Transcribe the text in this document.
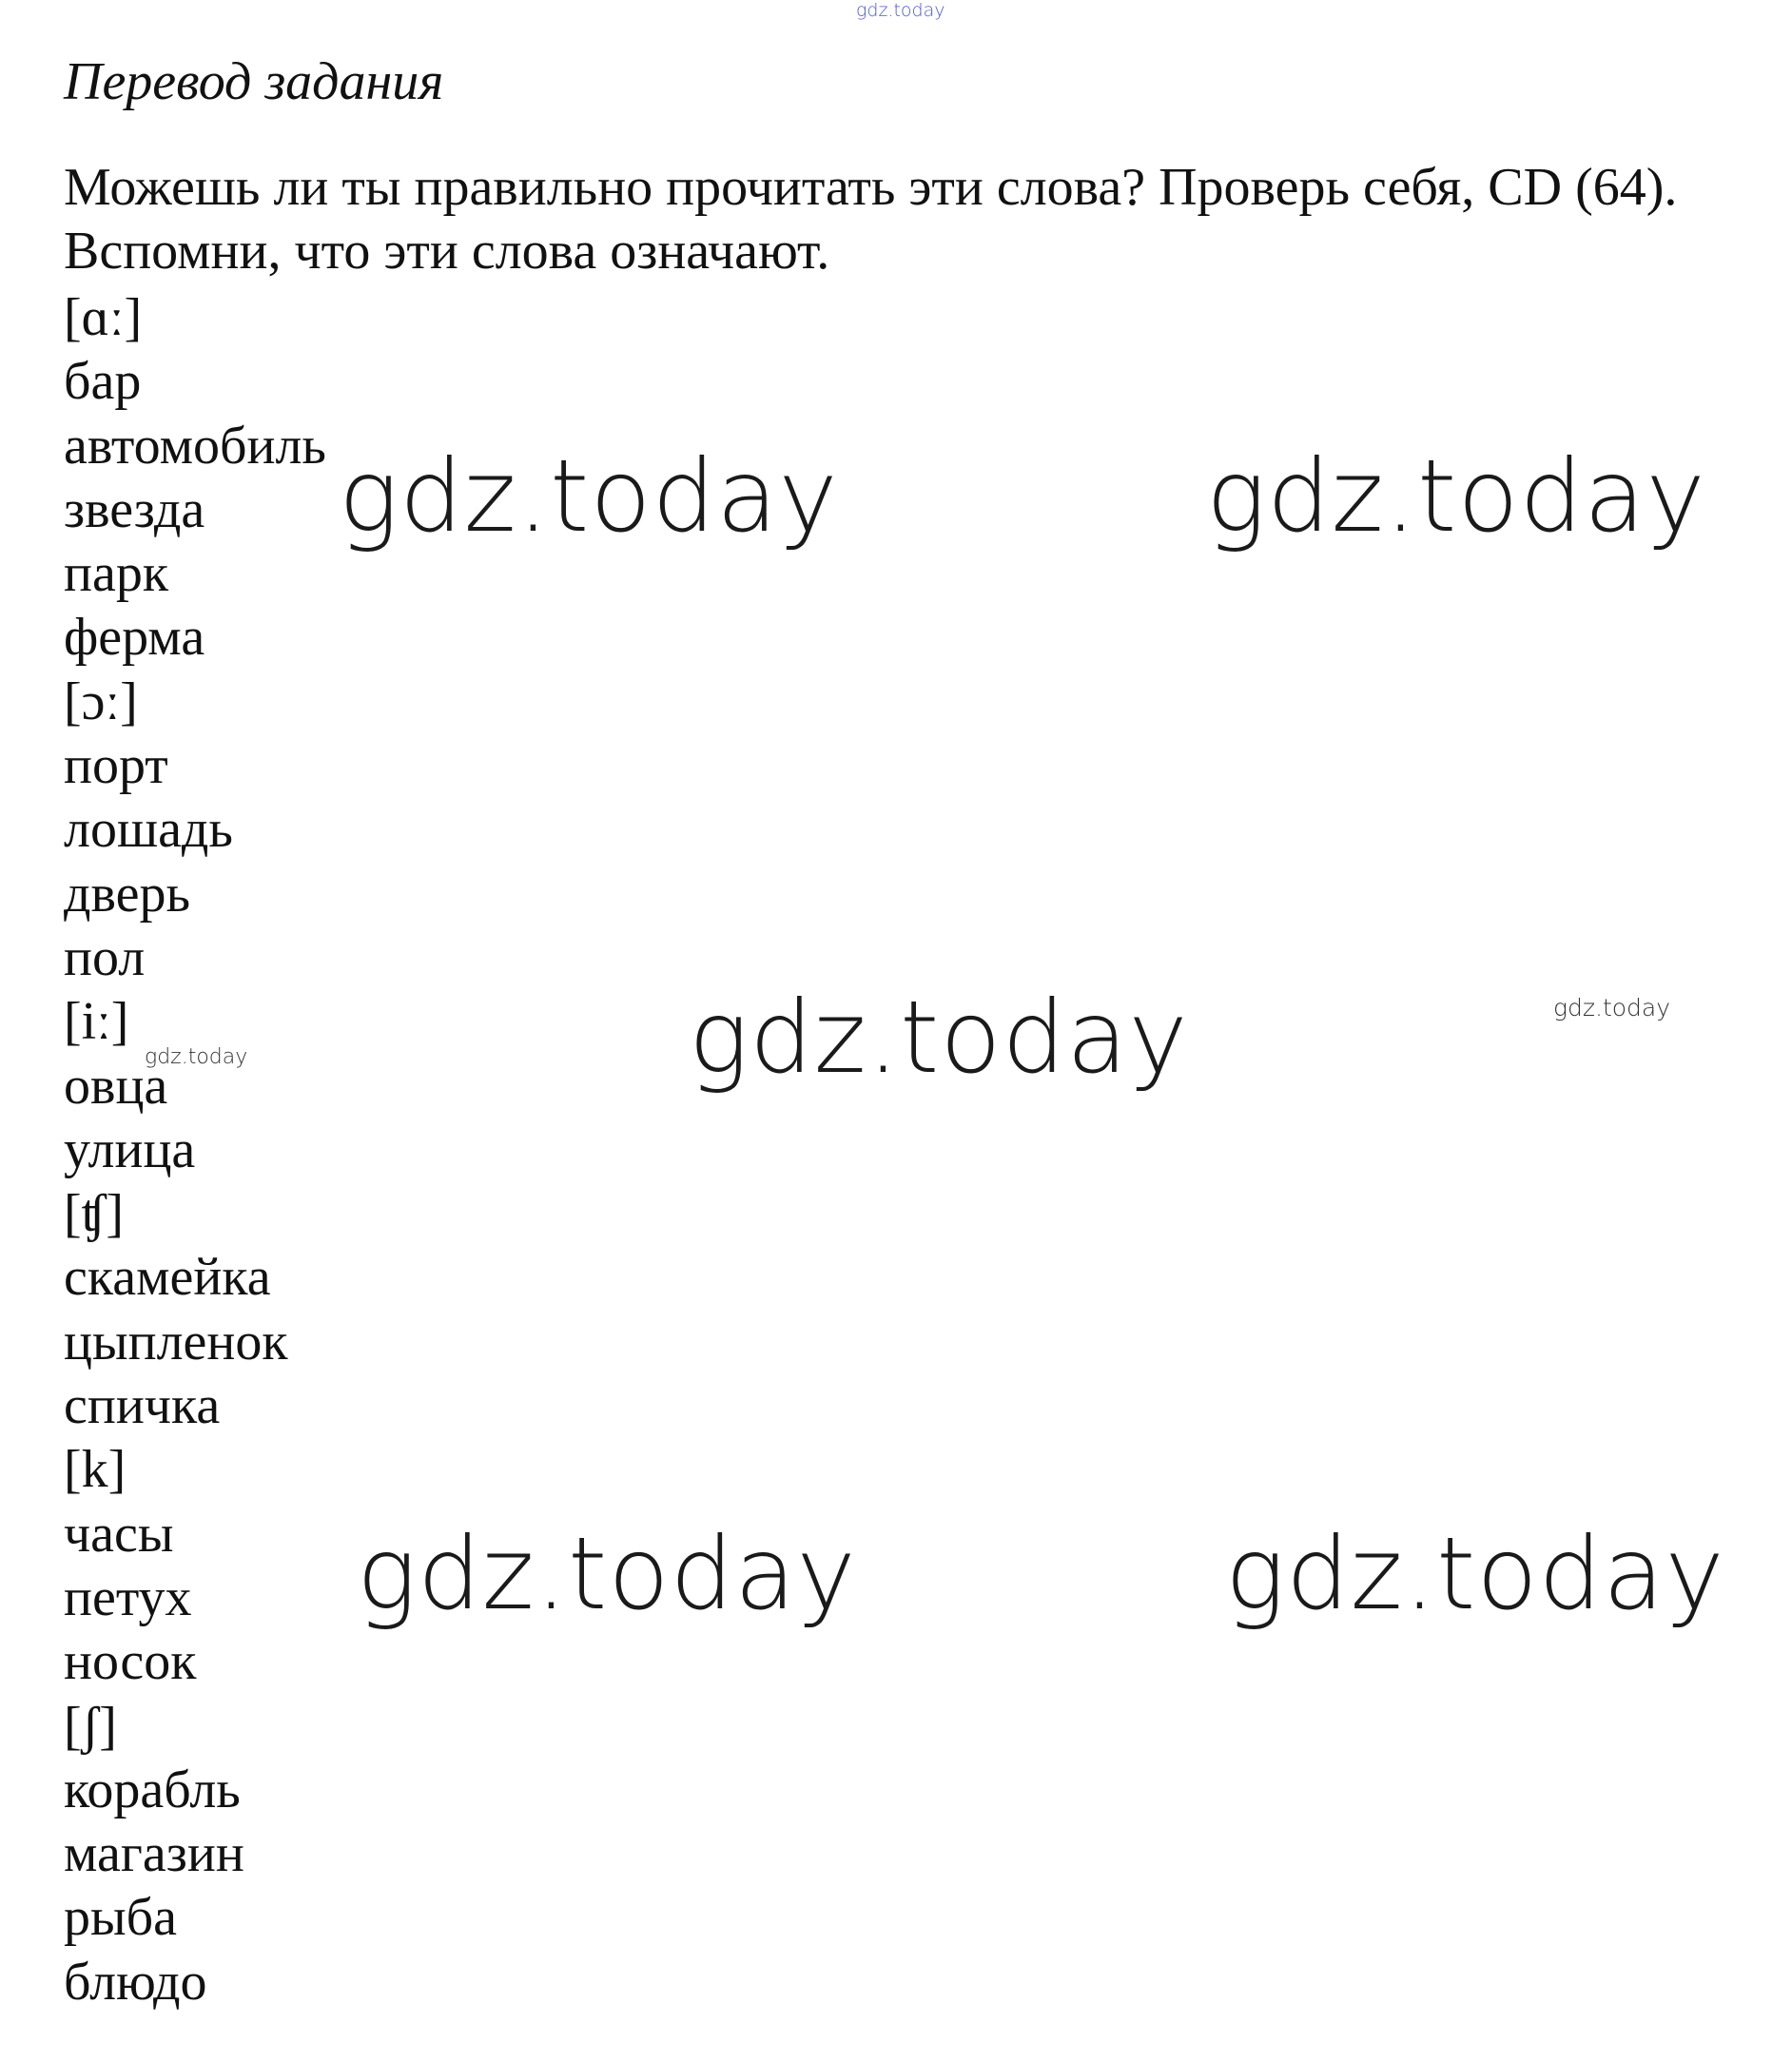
gdz.today
Перевод задания
Можешь ли ты правильно прочитать эти слова? Проверь себя, CD (64).
Вспомни, что эти слова означают.
[ɑː]
бар
автомобиль
звезда
парк
ферма
[ɔː]
порт
лошадь
дверь
пол
[iː]
овца
улица
[ʧ]
скамейка
цыпленок
спичка
[k]
часы
петух
носок
[ʃ]
корабль
магазин
рыба
блюдо
gdz.today	gdz.today
gdz.today
gdz.today	gdz.today
gdz.today
gdz.today
